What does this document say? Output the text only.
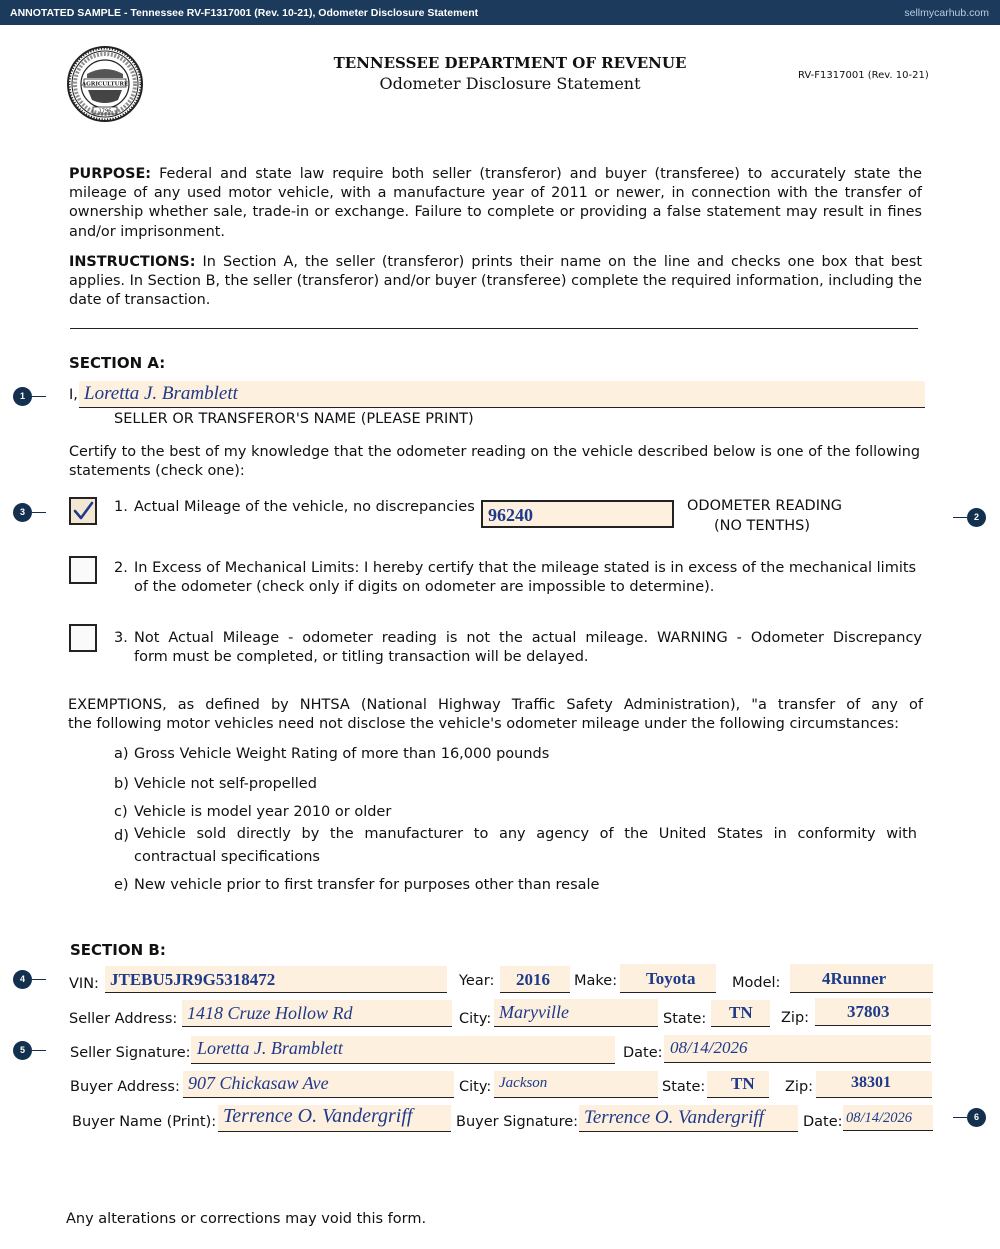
ANNOTATED SAMPLE - Tennessee RV-F1317001 (Rev. 10-21), Odometer Disclosure Statement	sellmycarhub.com
AGRICULTURE
1796
TENNESSEE DEPARTMENT OF REVENUE
Odometer Disclosure Statement	RV-F1317001 (Rev. 10-21)
PURPOSE: Federal and state law require both seller (transferor) and buyer (transferee) to accurately state the mileage of any used motor vehicle, with a manufacture year of 2011 or newer, in connection with the transfer of ownership whether sale, trade-in or exchange. Failure to complete or providing a false statement may result in fines and/or imprisonment.
INSTRUCTIONS: In Section A, the seller (transferor) prints their name on the line and checks one box that best applies. In Section B, the seller (transferor) and/or buyer (transferee) complete the required information, including the date of transaction.
SECTION A:
I, Loretta J. Bramblett
SELLER OR TRANSFEROR'S NAME (PLEASE PRINT)
Certify to the best of my knowledge that the odometer reading on the vehicle described below is one of the following statements (check one):
1. Actual Mileage of the vehicle, no discrepancies 96240	ODOMETER READING
(NO TENTHS)
2. In Excess of Mechanical Limits: I hereby certify that the mileage stated is in excess of the mechanical limits
of the odometer (check only if digits on odometer are impossible to determine).
3. Not Actual Mileage - odometer reading is not the actual mileage. WARNING - Odometer Discrepancy
form must be completed, or titling transaction will be delayed.
EXEMPTIONS, as defined by NHTSA (National Highway Traffic Safety Administration), "a transfer of any of
the following motor vehicles need not disclose the vehicle's odometer mileage under the following circumstances:
a) Gross Vehicle Weight Rating of more than 16,000 pounds
b) Vehicle not self-propelled
c) Vehicle is model year 2010 or older
d) Vehicle sold directly by the manufacturer to any agency of the United States in conformity with
contractual specifications
e) New vehicle prior to first transfer for purposes other than resale
SECTION B:
VIN: JTEBU5JR9G5318472	Year: 2016 Make: Toyota	Model: 4Runner
Seller Address: 1418 Cruze Hollow Rd	City: Maryville	State: TN Zip: 37803
Seller Signature: Loretta J. Bramblett	Date: 08/14/2026
Buyer Address: 907 Chickasaw Ave	City: Jackson	State: TN Zip: 38301
Buyer Name (Print): Terrence O. Vandergriff	Buyer Signature: Terrence O. Vandergriff	Date: 08/14/2026
Any alterations or corrections may void this form.
1
2
3
4
5
6
